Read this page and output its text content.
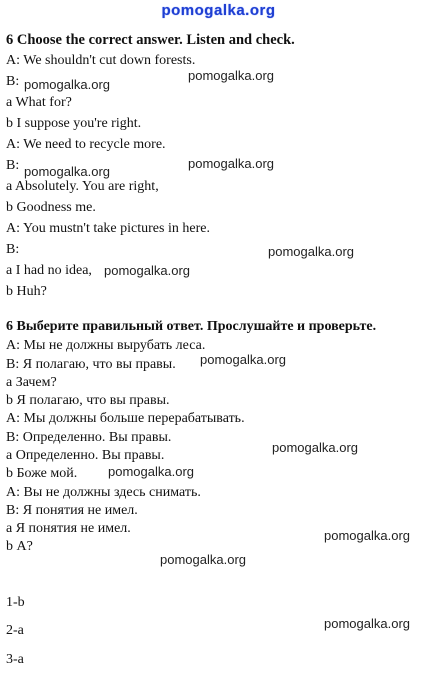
pomogalka.org
6 Choose the correct answer. Listen and check.
A: We shouldn't cut down forests.
B:
a What for?
b I suppose you're right.
A: We need to recycle more.
B:
a Absolutely. You are right,
b Goodness me.
A: You mustn't take pictures in here.
B:
a I had no idea,
b Huh?
6 Выберите правильный ответ. Прослушайте и проверьте.
А: Мы не должны вырубать леса.
В: Я полагаю, что вы правы.
а Зачем?
b Я полагаю, что вы правы.
А: Мы должны больше перерабатывать.
В: Определенно. Вы правы.
а Определенно. Вы правы.
b Боже мой.
А: Вы не должны здесь снимать.
В: Я понятия не имел.
а Я понятия не имел.
b А?
1-b
2-a
3-a
pomogalka.org
pomogalka.org
pomogalka.org
pomogalka.org
pomogalka.org
pomogalka.org
pomogalka.org
pomogalka.org
pomogalka.org
pomogalka.org
pomogalka.org
pomogalka.org
